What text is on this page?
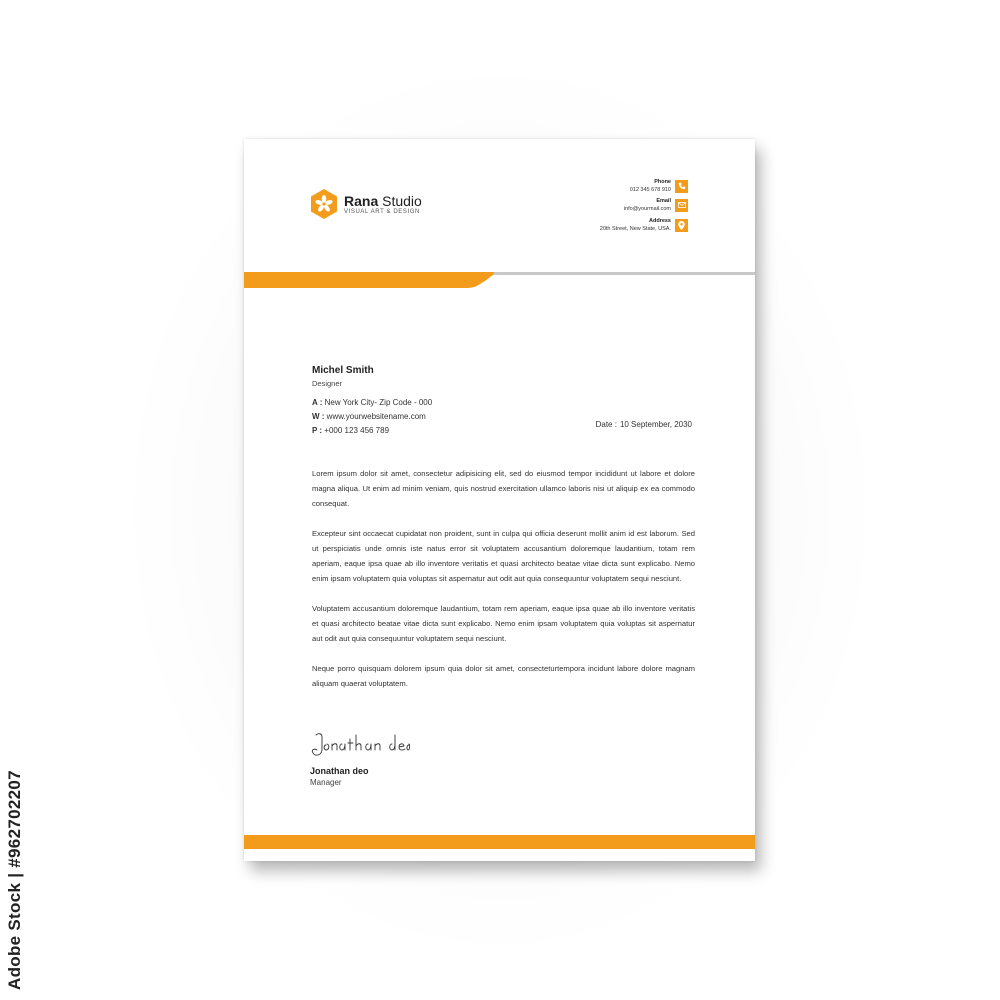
Rana Studio
VISUAL ART & DESIGN
Phone
012 345 678 910
Email
info@yourmail.com
Address
20th Street, New State, USA.
Michel Smith
Designer
A : New York City- Zip Code - 000
W : www.yourwebsitename.com
P : +000 123 456 789
Date : 10 September, 2030

Lorem ipsum dolor sit amet, consectetur adipisicing elit, sed do eiusmod tempor incididunt ut labore et dolore magna aliqua. Ut enim ad minim veniam, quis nostrud exercitation ullamco laboris nisi ut aliquip ex ea commodo consequat.

Excepteur sint occaecat cupidatat non proident, sunt in culpa qui officia deserunt mollit anim id est laborum. Sed ut perspiciatis unde omnis iste natus error sit voluptatem accusantium doloremque laudantium, totam rem aperiam, eaque ipsa quae ab illo inventore veritatis et quasi architecto beatae vitae dicta sunt explicabo. Nemo enim ipsam voluptatem quia voluptas sit aspernatur aut odit aut quia consequuntur voluptatem sequi nesciunt.

Voluptatem accusantium doloremque laudantium, totam rem aperiam, eaque ipsa quae ab illo inventore veritatis et quasi architecto beatae vitae dicta sunt explicabo. Nemo enim ipsam voluptatem quia voluptas sit aspernatur aut odit aut quia consequuntur voluptatem sequi nesciunt.

Neque porro quisquam dolorem ipsum quia dolor sit amet, consecteturtempora incidunt labore dolore magnam aliquam quaerat voluptatem.

Jonathan deo
Manager
Adobe Stock | #962702207
